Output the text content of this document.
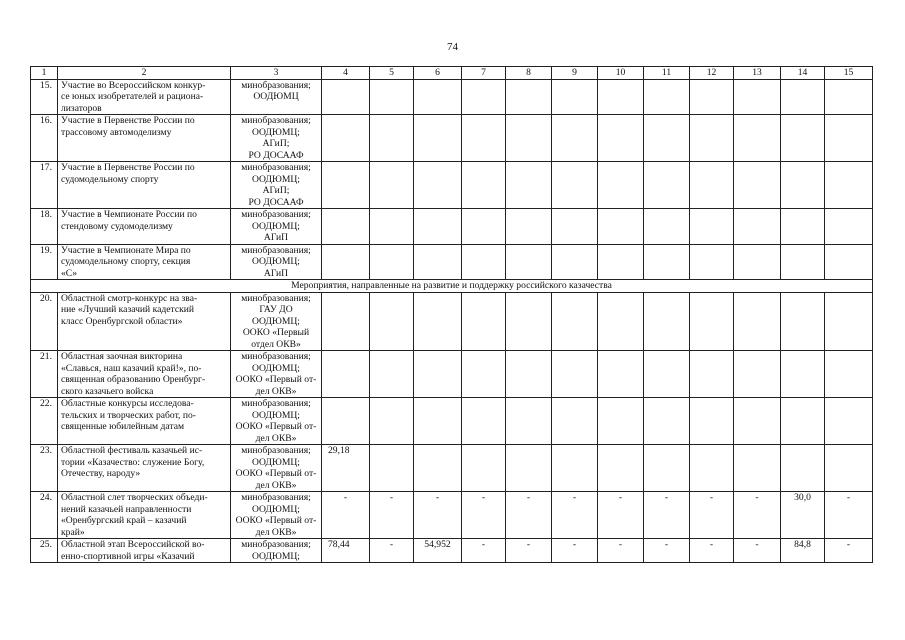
74
1	2	3	4	5	6	7	8	9	10	11	12	13	14	15
15.	Участие во Всероссийском конкур-
се юных изобретателей и рациона-
лизаторов	минобразования;
ООДЮМЦ												

16.	Участие в Первенстве России по
трассовому автомоделизму	минобразования;
ООДЮМЦ;
АГиП;
РО ДОСААФ												

17.	Участие в Первенстве России по
судомодельному спорту	минобразования;
ООДЮМЦ;
АГиП;
РО ДОСААФ												

18.	Участие в Чемпионате России по
стендовому судомоделизму	минобразования;
ООДЮМЦ;
АГиП												

19.	Участие в Чемпионате Мира по
судомодельному спорту, секция
«С»	минобразования;
ООДЮМЦ;
АГиП												

Мероприятия, направленные на развитие и поддержку российского казачества														
20.	Областной смотр-конкурс на зва-
ние «Лучший казачий кадетский
класс Оренбургской области»	минобразования;
ГАУ ДО
ООДЮМЦ;
ООКО «Первый
отдел ОКВ»												

21.	Областная заочная викторина
«Славься, наш казачий край!», по-
священная образованию Оренбург-
ского казачьего войска	минобразования;
ООДЮМЦ;
ООКО «Первый от-
дел ОКВ»												

22.	Областные конкурсы исследова-
тельских и творческих работ, по-
священные юбилейным датам	минобразования;
ООДЮМЦ;
ООКО «Первый от-
дел ОКВ»												

23.	Областной фестиваль казачьей ис-
тории «Казачество: служение Богу,
Отечеству, народу»	минобразования;
ООДЮМЦ;
ООКО «Первый от-
дел ОКВ»	29,18											
24.	Областной слет творческих объеди-
нений казачьей направленности
«Оренбургский край – казачий
край»	минобразования;
ООДЮМЦ;
ООКО «Первый от-
дел ОКВ»	-	-	-	-	-	-	-	-	-	-	30,0	-
25.	Областной этап Всероссийской во-
енно-спортивной игры «Казачий	минобразования;
ООДЮМЦ;	78,44	-	54,952	-	-	-	-	-	-	-	84,8	-
